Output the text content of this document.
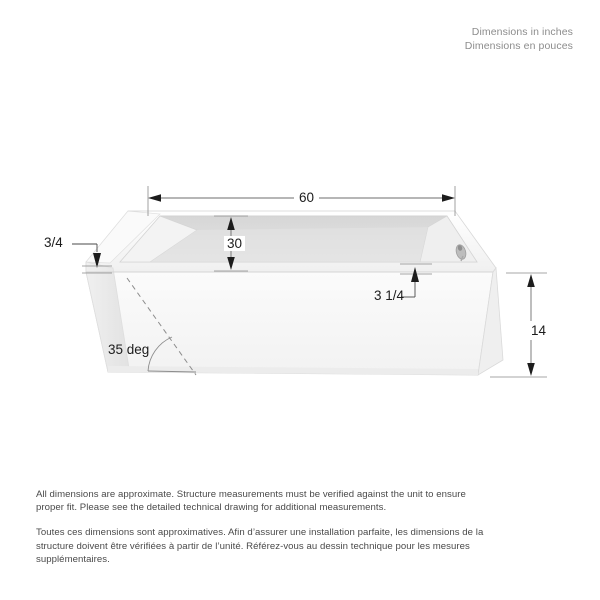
Dimensions in inches
Dimensions en pouces
60
30
3/4
3 1/4
14
35 deg

All dimensions are approximate. Structure measurements must be verified against the unit to ensure proper fit. Please see the detailed technical drawing for additional measurements.

Toutes ces dimensions sont approximatives. Afin d’assurer une installation parfaite, les dimensions de la structure doivent être vérifiées à partir de l’unité. Référez-vous au dessin technique pour les mesures supplémentaires.
